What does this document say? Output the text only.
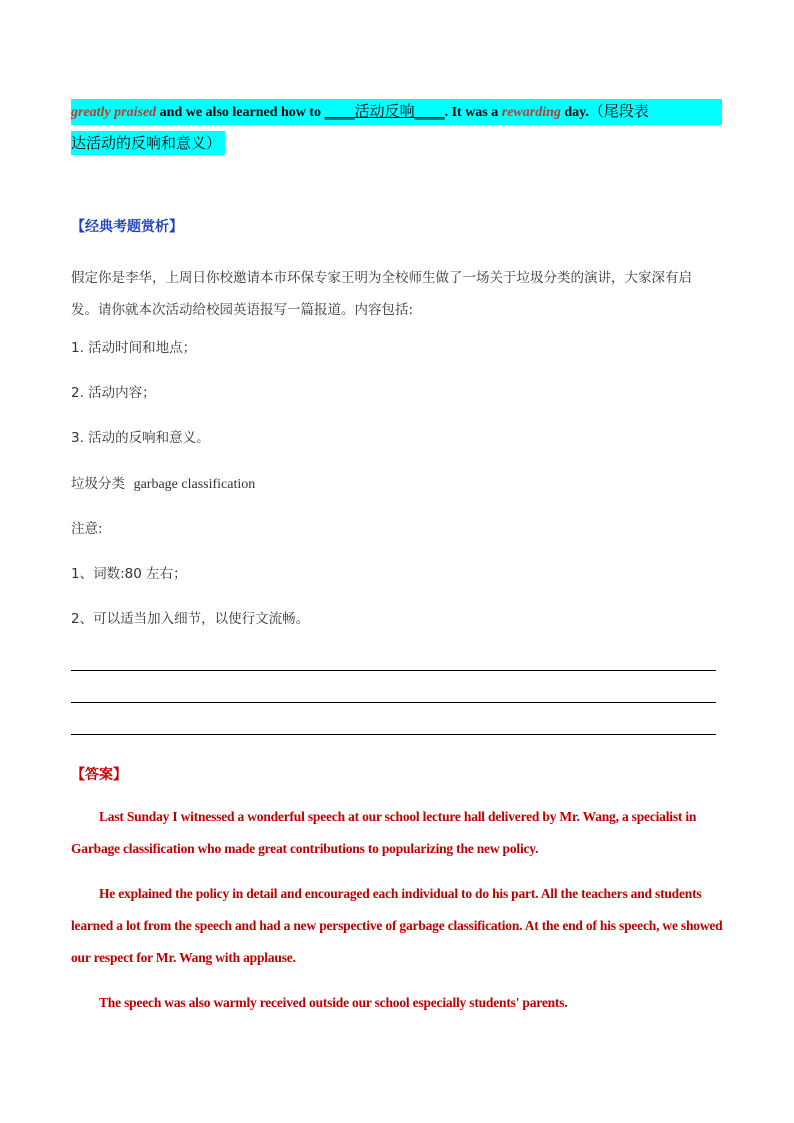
greatly praised and we also learned how to ____活动反响____. It was a rewarding day.（尾段表
达活动的反响和意义）
【经典考题赏析】
假定你是李华，上周日你校邀请本市环保专家王明为全校师生做了一场关于垃圾分类的演讲，大家深有启
发。请你就本次活动给校园英语报写一篇报道。内容包括:
1. 活动时间和地点；
2. 活动内容；
3. 活动的反响和意义。
垃圾分类 garbage classification
注意:
1、词数:80 左右；
2、可以适当加入细节，以使行文流畅。
【答案】
Last Sunday I witnessed a wonderful speech at our school lecture hall delivered by Mr. Wang, a specialist in Garbage classification who made great contributions to popularizing the new policy.
He explained the policy in detail and encouraged each individual to do his part. All the teachers and students learned a lot from the speech and had a new perspective of garbage classification. At the end of his speech, we showed our respect for Mr. Wang with applause.
The speech was also warmly received outside our school especially students' parents.
